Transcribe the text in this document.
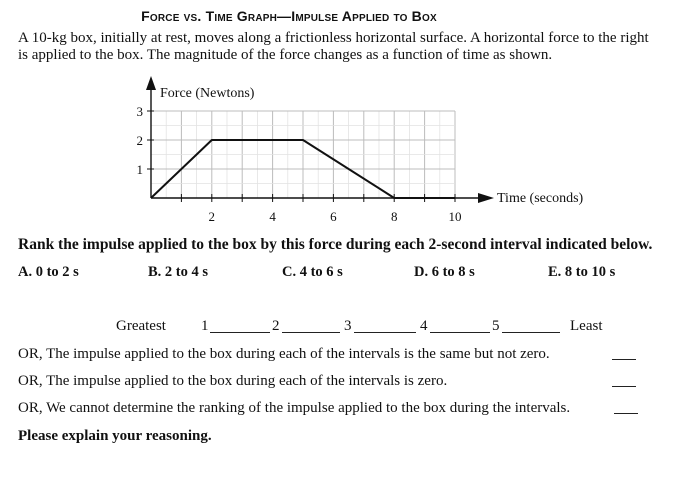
Force vs. Time Graph—Impulse Applied to Box
A 10-kg box, initially at rest, moves along a frictionless horizontal surface. A horizontal force to the right
is applied to the box. The magnitude of the force changes as a function of time as shown.
2	4	6	8	10
1
2
3
Force (Newtons)
Time (seconds)
Rank the impulse applied to the box by this force during each 2-second interval indicated below.
A. 0 to 2 s	B. 2 to 4 s	C. 4 to 6 s	D. 6 to 8 s	E. 8 to 10 s
Greatest 1	2	3	4	5	Least
OR, The impulse applied to the box during each of the intervals is the same but not zero.
OR, The impulse applied to the box during each of the intervals is zero.
OR, We cannot determine the ranking of the impulse applied to the box during the intervals.
Please explain your reasoning.
